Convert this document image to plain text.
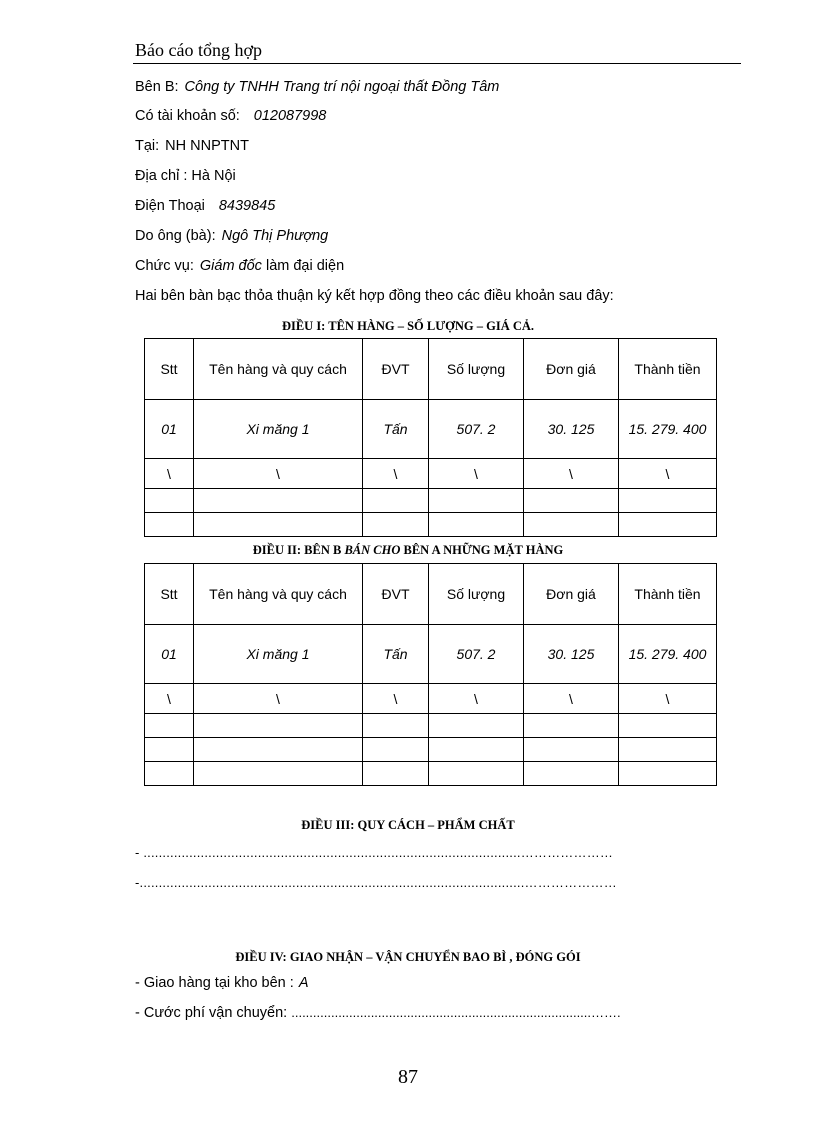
Báo cáo tổng hợp
Bên B: Công ty TNHH Trang trí nội ngoại thất Đồng Tâm
Có tài khoản số: 012087998
Tại: NH NNPTNT
Địa chỉ : Hà Nội
Điện Thoại 8439845
Do ông (bà): Ngô Thị Phượng
Chức vụ: Giám đốc làm đại diện
Hai bên bàn bạc thỏa thuận ký kết hợp đồng theo các điều khoản sau đây:
ĐIỀU I: TÊN HÀNG – SỐ LƯỢNG – GIÁ CẢ.
Stt	Tên hàng và quy cách	ĐVT	Số lượng	Đơn giá	Thành tiền
01	Xi măng 1	Tấn	507. 2	30. 125	15. 279. 400
\	\	\	\	\	\

ĐIỀU II: BÊN B BÁN CHO BÊN A NHỮNG MẶT HÀNG
Stt	Tên hàng và quy cách	ĐVT	Số lượng	Đơn giá	Thành tiền
01	Xi măng 1	Tấn	507. 2	30. 125	15. 279. 400
\	\	\	\	\	\

ĐIỀU III: QUY CÁCH – PHẨM CHẤT
- ...................................................................................................…………………
-.....................................................................................................…………………
ĐIỀU IV: GIAO NHẬN – VẬN CHUYỂN BAO BÌ , ĐÓNG GÓI
- Giao hàng tại kho bên : A
- Cước phí vận chuyển: ...................................................................................…….
87
